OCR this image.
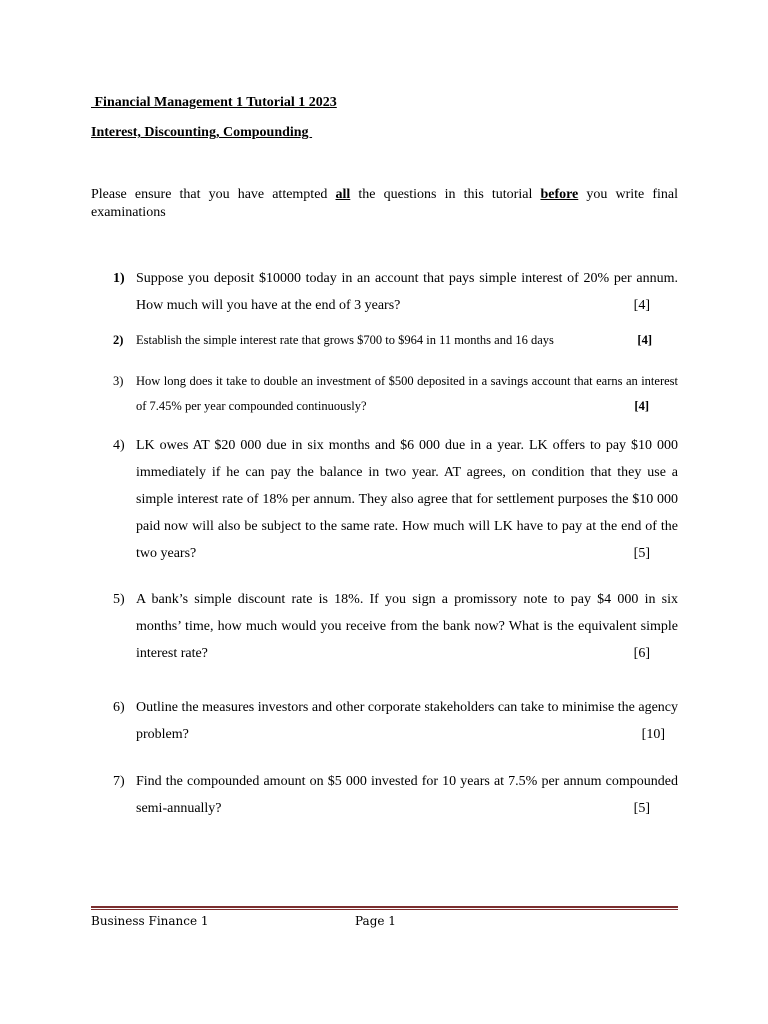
Financial Management 1 Tutorial 1 2023
Interest, Discounting, Compounding
Please ensure that you have attempted all the questions in this tutorial before you write final examinations
1) Suppose you deposit $10000 today in an account that pays simple interest of 20% per annum. How much will you have at the end of 3 years?	[4]
2) Establish the simple interest rate that grows $700 to $964 in 11 months and 16 days	[4]
3) How long does it take to double an investment of $500 deposited in a savings account that earns an interest of 7.45% per year compounded continuously?	[4]
4) LK owes AT $20 000 due in six months and $6 000 due in a year. LK offers to pay $10 000 immediately if he can pay the balance in two year. AT agrees, on condition that they use a simple interest rate of 18% per annum. They also agree that for settlement purposes the $10 000 paid now will also be subject to the same rate. How much will LK have to pay at the end of the two years?	[5]
5) A bank’s simple discount rate is 18%. If you sign a promissory note to pay $4 000 in six months’ time, how much would you receive from the bank now? What is the equivalent simple interest rate?	[6]
6) Outline the measures investors and other corporate stakeholders can take to minimise the agency problem?	[10]
7) Find the compounded amount on $5 000 invested for 10 years at 7.5% per annum compounded semi-annually?	[5]
Business Finance 1	Page 1
